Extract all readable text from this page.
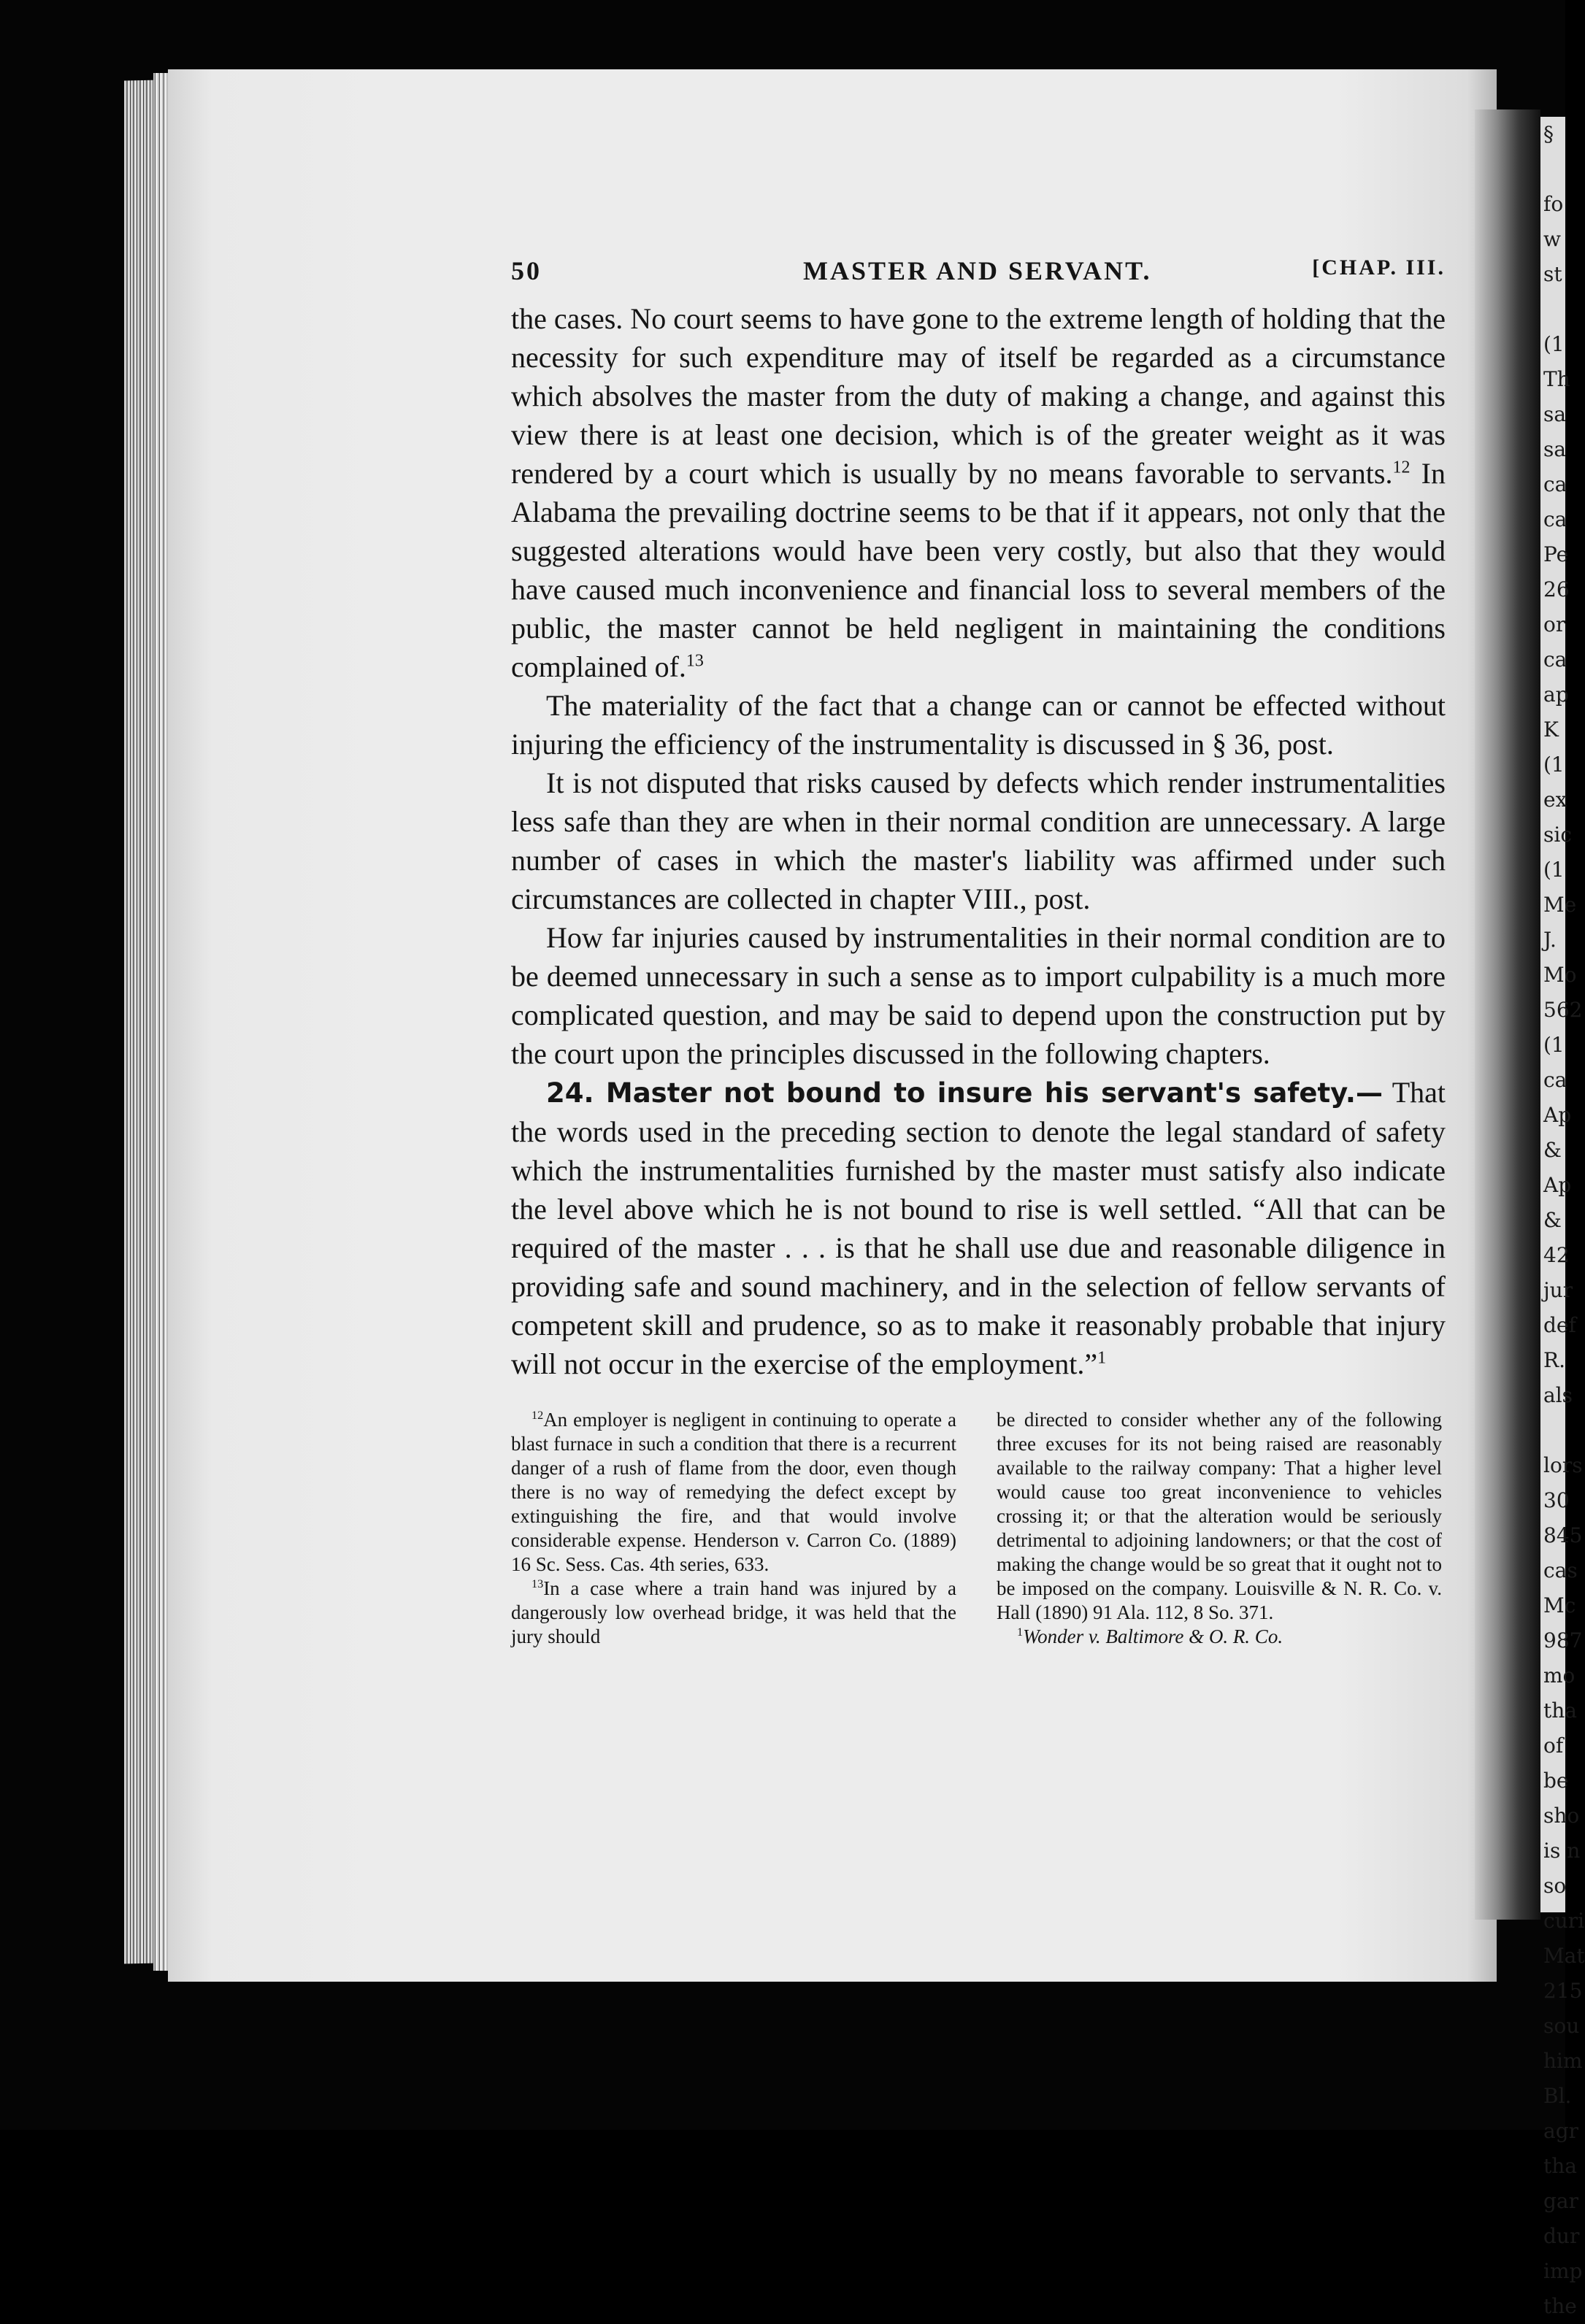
§
fo
w
st
(1
Th
sa
sa
ca
ca
Pe
26
or
ca
ap
K
(1
ex
sic
(1
Me
J.
Mo
562
(1
ca
Ap
&
Ap
&
42
jur
def
R.
als
lors
30
845
cas
Mc
987
mo
tha
of
be
sho
is n
so
curi
Mat
215
sou
him
Bl.
agr
tha
gar
dur
imp
the
50	MASTER AND SERVANT.	[CHAP. III.

the cases. No court seems to have gone to the extreme length of holding that the necessity for such expenditure may of itself be regarded as a circumstance which absolves the master from the duty of making a change, and against this view there is at least one decision, which is of the greater weight as it was rendered by a court which is usually by no means favorable to servants.$^{12}$ In Alabama the prevailing doctrine seems to be that if it appears, not only that the suggested alterations would have been very costly, but also that they would have caused much inconvenience and financial loss to several members of the public, the master cannot be held negligent in maintaining the conditions complained of.$^{13}$

The materiality of the fact that a change can or cannot be effected without injuring the efficiency of the instrumentality is discussed in § 36, post.

It is not disputed that risks caused by defects which render instrumentalities less safe than they are when in their normal condition are unnecessary. A large number of cases in which the master's liability was affirmed under such circumstances are collected in chapter VIII., post.

How far injuries caused by instrumentalities in their normal condition are to be deemed unnecessary in such a sense as to import culpability is a much more complicated question, and may be said to depend upon the construction put by the court upon the principles discussed in the following chapters.

24. Master not bound to insure his servant's safety.— That the words used in the preceding section to denote the legal standard of safety which the instrumentalities furnished by the master must satisfy also indicate the level above which he is not bound to rise is well settled. “All that can be required of the master . . . is that he shall use due and reasonable diligence in providing safe and sound machinery, and in the selection of fellow servants of competent skill and prudence, so as to make it reasonably probable that injury will not occur in the exercise of the employment.”$^1$

$^{12}$An employer is negligent in continuing to operate a blast furnace in such a condition that there is a recurrent danger of a rush of flame from the door, even though there is no way of remedying the defect except by extinguishing the fire, and that would involve considerable expense. Henderson v. Carron Co. (1889) 16 Sc. Sess. Cas. 4th series, 633.

$^{13}$In a case where a train hand was injured by a dangerously low overhead bridge, it was held that the jury should

be directed to consider whether any of the following three excuses for its not being raised are reasonably available to the railway company: That a higher level would cause too great inconvenience to vehicles crossing it; or that the alteration would be seriously detrimental to adjoining landowners; or that the cost of making the change would be so great that it ought not to be imposed on the company. Louisville & N. R. Co. v. Hall (1890) 91 Ala. 112, 8 So. 371.

$^1$Wonder v. Baltimore & O. R. Co.
